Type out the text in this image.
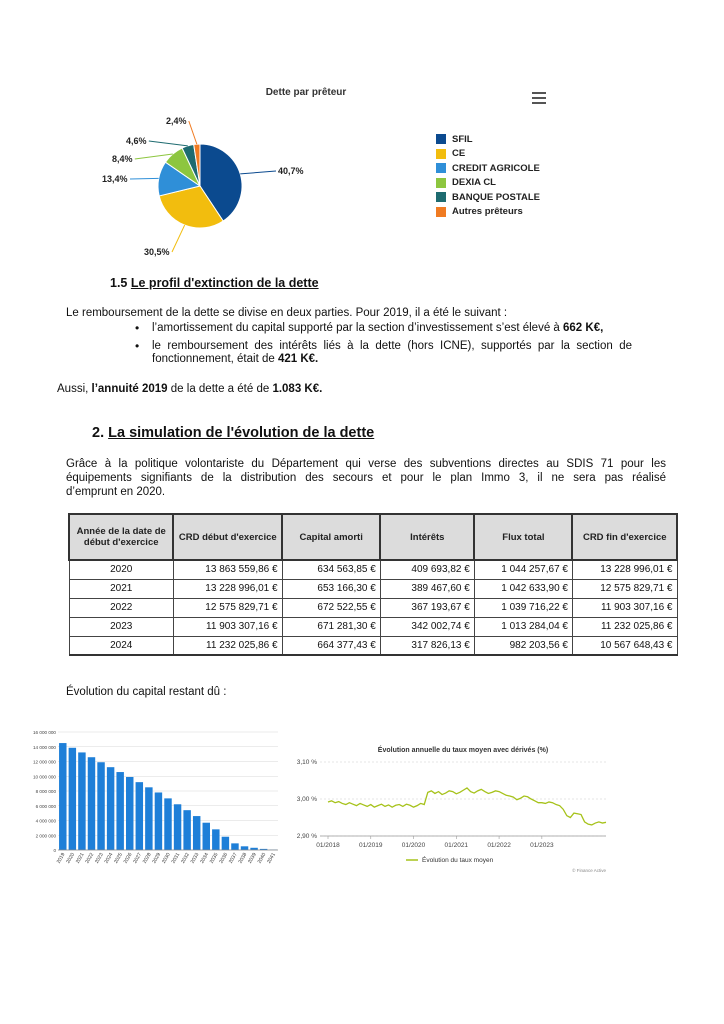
Dette par prêteur
40,7%
30,5%
13,4%
8,4%
4,6%
2,4%
SFIL
CE
CREDIT AGRICOLE
DEXIA CL
BANQUE POSTALE
Autres prêteurs
1.5 Le profil d'extinction de la dette
Le remboursement de la dette se divise en deux parties. Pour 2019, il a été le suivant :
• l’amortissement du capital supporté par la section d’investissement s’est élevé à 662 K€,
• le remboursement des intérêts liés à la dette (hors ICNE), supportés par la section de fonctionnement, était de 421 K€.
Aussi, l’annuité 2019 de la dette a été de 1.083 K€.
2. La simulation de l'évolution de la dette
Grâce à la politique volontariste du Département qui verse des subventions directes au SDIS 71 pour les
équipements signifiants de la distribution des secours et pour le plan Immo 3, il ne sera pas réalisé
d’emprunt en 2020.
Année de la date de début d'exercice	CRD début d'exercice	Capital amorti	Intérêts	Flux total	CRD fin d'exercice
2020	13 863 559,86 €	634 563,85 €	409 693,82 €	1 044 257,67 €	13 228 996,01 €
2021	13 228 996,01 €	653 166,30 €	389 467,60 €	1 042 633,90 €	12 575 829,71 €
2022	12 575 829,71 €	672 522,55 €	367 193,67 €	1 039 716,22 €	11 903 307,16 €
2023	11 903 307,16 €	671 281,30 €	342 002,74 €	1 013 284,04 €	11 232 025,86 €
2024	11 232 025,86 €	664 377,43 €	317 826,13 €	982 203,56 €	10 567 648,43 €
Évolution du capital restant dû :
0
2 000 000
4 000 000
6 000 000
8 000 000
10 000 000
12 000 000
14 000 000
16 000 000
2019
2020
2021
2022
2023
2024
2025
2026
2027
2028
2029
2030
2031
2032
2033
2034
2035
2036
2037
2038
2039
2040
2041
Évolution annuelle du taux moyen avec dérivés (%)
2,90 %
3,00 %
3,10 %
01/2018	01/2019	01/2020	01/2021	01/2022	01/2023
Évolution du taux moyen
© Finance Active
